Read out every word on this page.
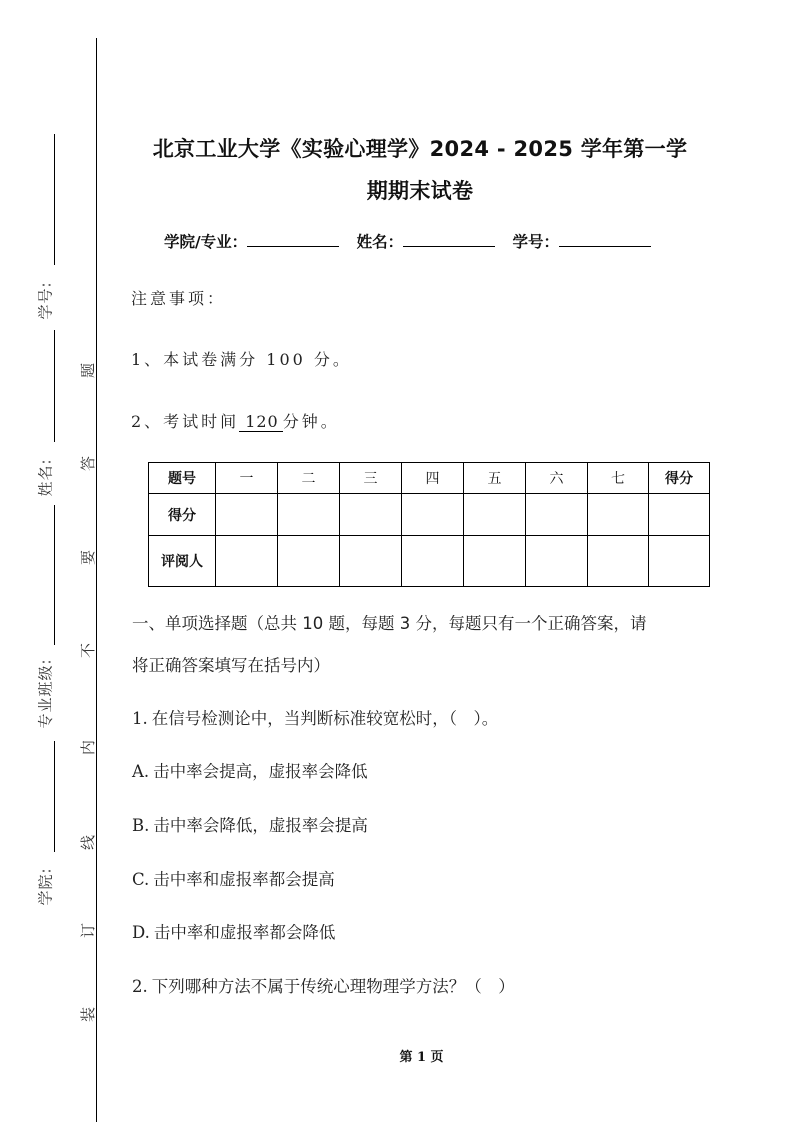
学号:
姓名:
专业班级:
学院:
题
答
要
不
内
线
订
装
北京工业大学《实验心理学》2024 - 2025 学年第一学
期期末试卷
学院/专业：	姓名：	学号：
注意事项：
1、本试卷满分 100 分。
2、考试时间 120 分钟。
题号	一	二	三	四	五	六	七	得分
得分								
评阅人								
一、单项选择题（总共 10 题，每题 3 分，每题只有一个正确答案，请
将正确答案填写在括号内）
1. 在信号检测论中，当判断标准较宽松时，（　）。
A. 击中率会提高，虚报率会降低
B. 击中率会降低，虚报率会提高
C. 击中率和虚报率都会提高
D. 击中率和虚报率都会降低
2. 下列哪种方法不属于传统心理物理学方法？（　）
第 1 页
